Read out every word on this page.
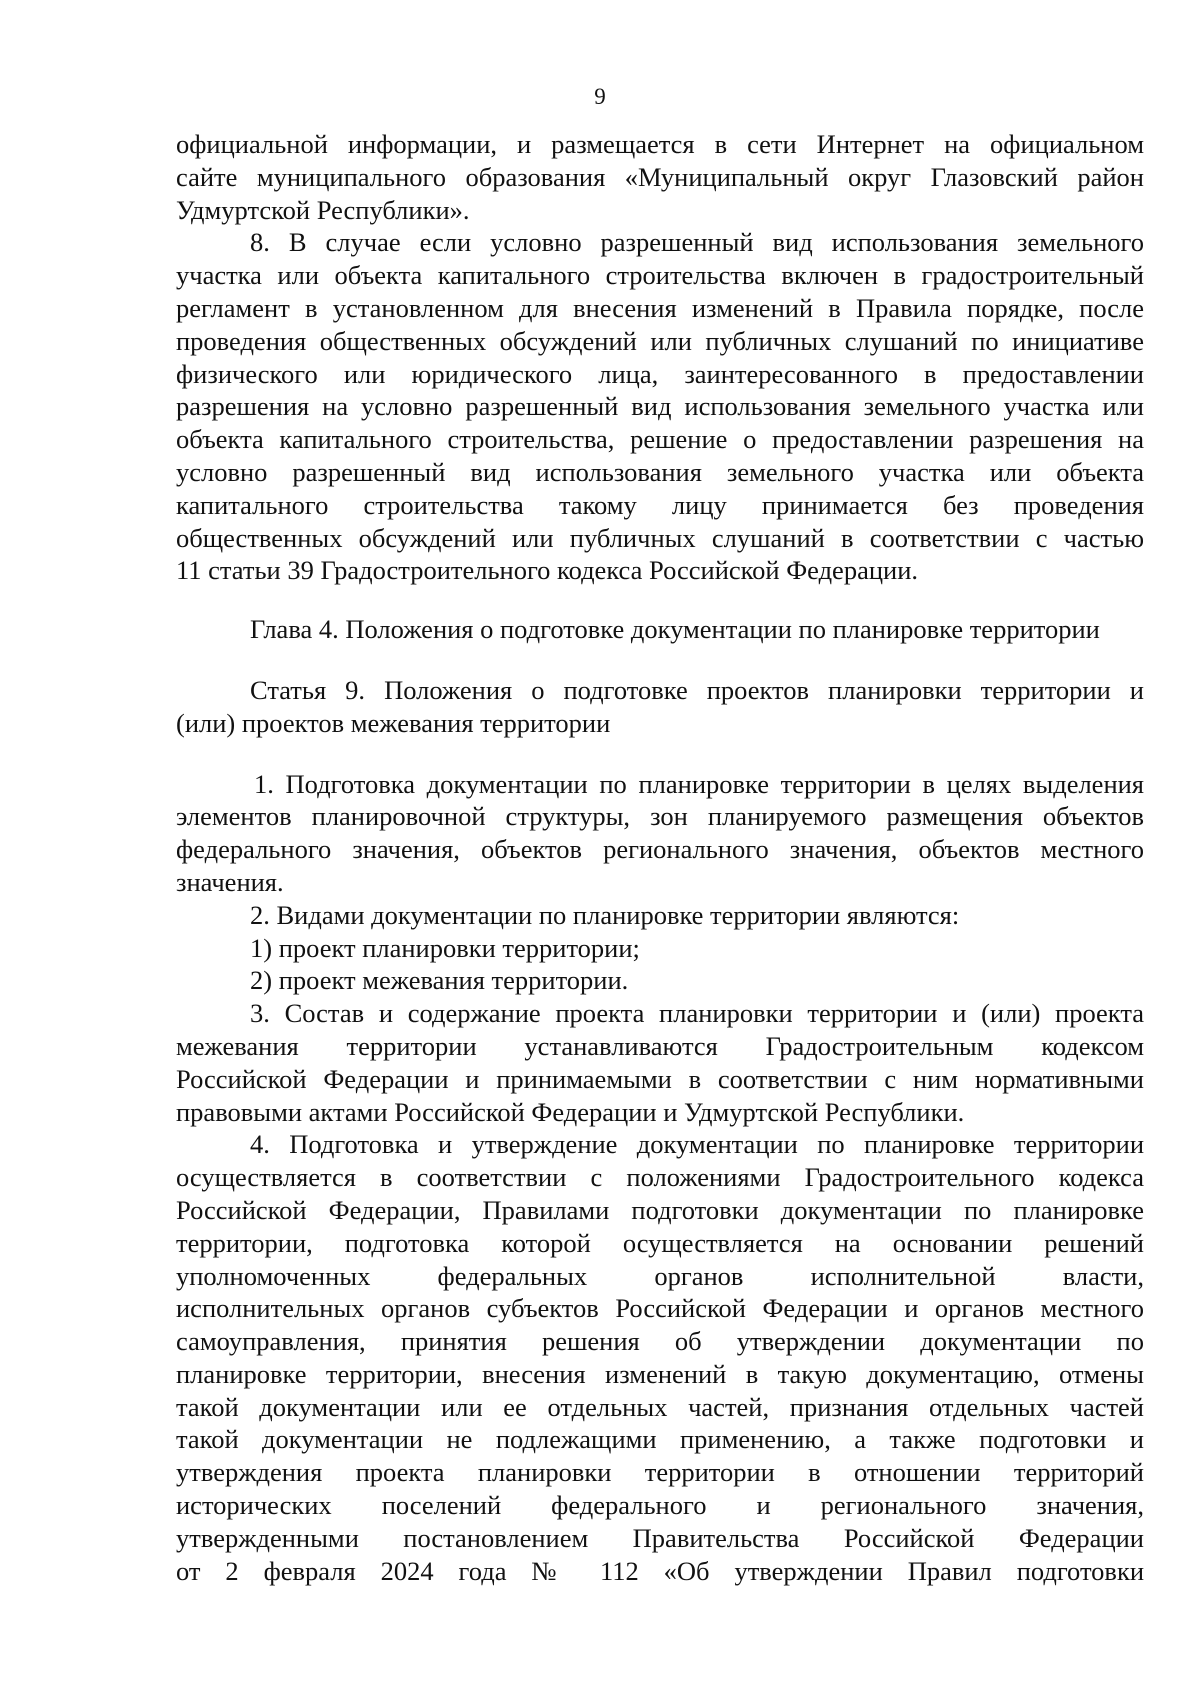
9
официальной информации, и размещается в сети Интернет на официальном
сайте муниципального образования «Муниципальный округ Глазовский район
Удмуртской Республики».
8. В случае если условно разрешенный вид использования земельного
участка или объекта капитального строительства включен в градостроительный
регламент в установленном для внесения изменений в Правила порядке, после
проведения общественных обсуждений или публичных слушаний по инициативе
физического или юридического лица, заинтересованного в предоставлении
разрешения на условно разрешенный вид использования земельного участка или
объекта капитального строительства, решение о предоставлении разрешения на
условно разрешенный вид использования земельного участка или объекта
капитального строительства такому лицу принимается без проведения
общественных обсуждений или публичных слушаний в соответствии с частью
11 статьи 39 Градостроительного кодекса Российской Федерации.
Глава 4. Положения о подготовке документации по планировке территории
Статья 9. Положения о подготовке проектов планировки территории и
(или) проектов межевания территории
1. Подготовка документации по планировке территории в целях выделения
элементов планировочной структуры, зон планируемого размещения объектов
федерального значения, объектов регионального значения, объектов местного
значения.
2. Видами документации по планировке территории являются:
1) проект планировки территории;
2) проект межевания территории.
3. Состав и содержание проекта планировки территории и (или) проекта
межевания территории устанавливаются Градостроительным кодексом
Российской Федерации и принимаемыми в соответствии с ним нормативными
правовыми актами Российской Федерации и Удмуртской Республики.
4. Подготовка и утверждение документации по планировке территории
осуществляется в соответствии с положениями Градостроительного кодекса
Российской Федерации, Правилами подготовки документации по планировке
территории, подготовка которой осуществляется на основании решений
уполномоченных федеральных органов исполнительной власти,
исполнительных органов субъектов Российской Федерации и органов местного
самоуправления, принятия решения об утверждении документации по
планировке территории, внесения изменений в такую документацию, отмены
такой документации или ее отдельных частей, признания отдельных частей
такой документации не подлежащими применению, а также подготовки и
утверждения проекта планировки территории в отношении территорий
исторических поселений федерального и регионального значения,
утвержденными постановлением Правительства Российской Федерации
от 2 февраля 2024 года № 112 «Об утверждении Правил подготовки
